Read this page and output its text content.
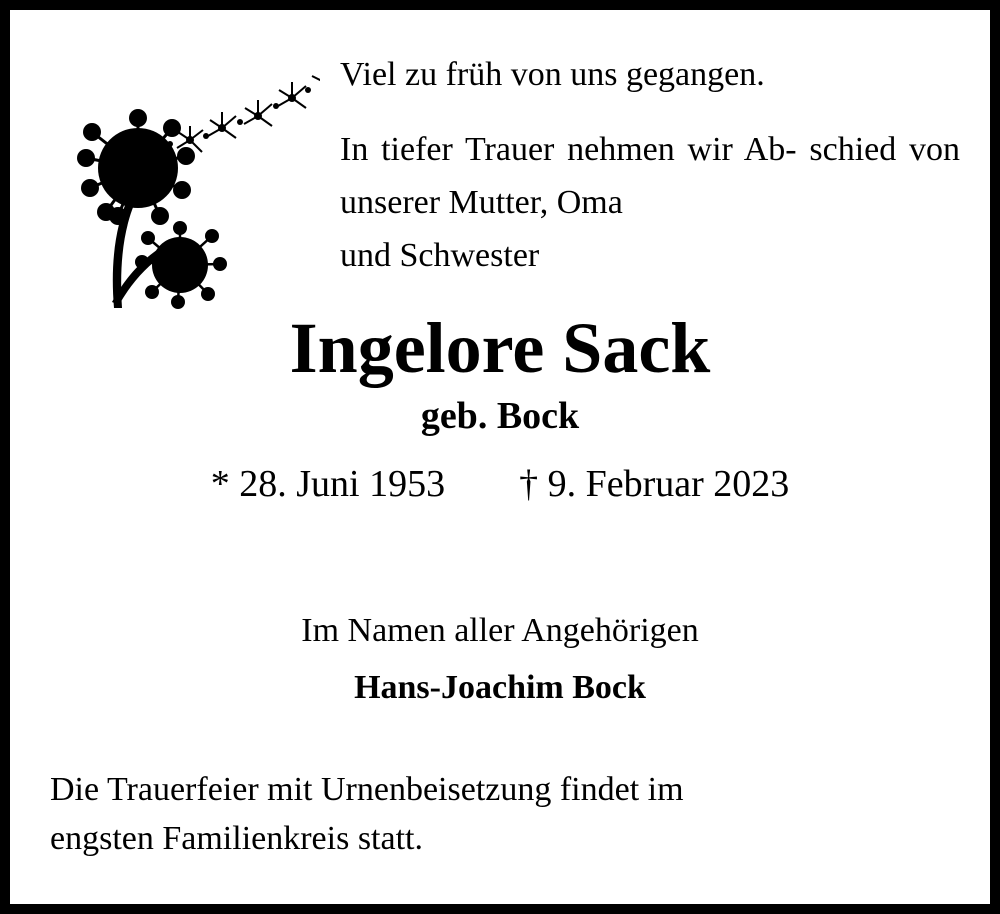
Viel zu früh von uns gegangen.

In tiefer Trauer nehmen wir Ab- schied von unserer Mutter, Oma
und Schwester

Ingelore Sack

geb. Bock

* 28. Juni 1953 † 9. Februar 2023

Im Namen aller Angehörigen

Hans-Joachim Bock

Die Trauerfeier mit Urnenbeisetzung findet im
engsten Familienkreis statt.
